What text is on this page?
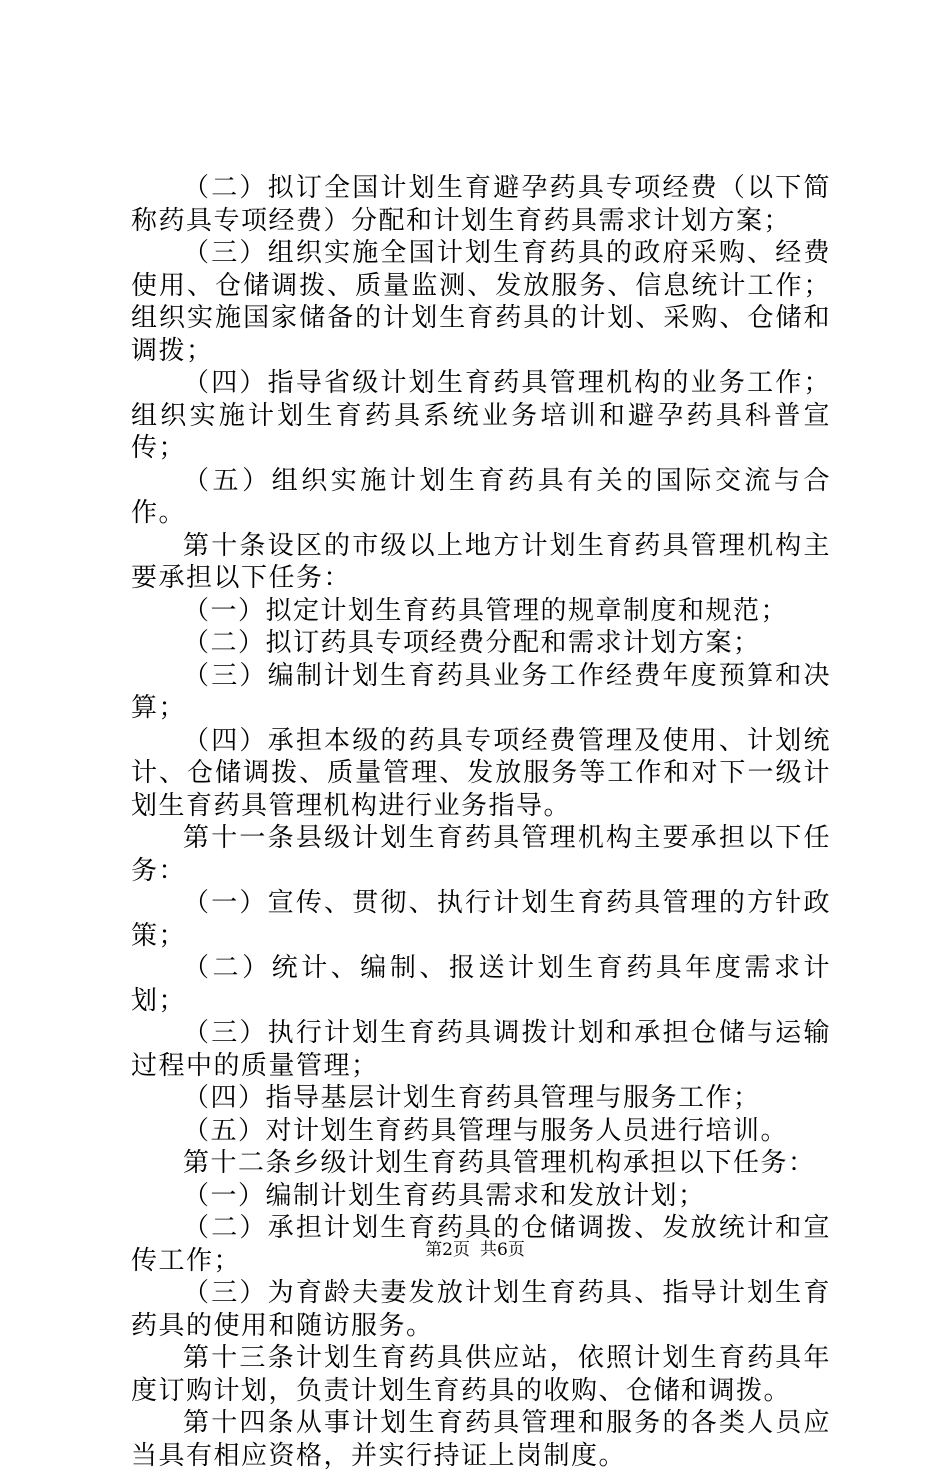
（二）拟订全国计划生育避孕药具专项经费（以下简称药具专项经费）分配和计划生育药具需求计划方案；

（三）组织实施全国计划生育药具的政府采购、经费使用、仓储调拨、质量监测、发放服务、信息统计工作；组织实施国家储备的计划生育药具的计划、采购、仓储和调拨；

（四）指导省级计划生育药具管理机构的业务工作；组织实施计划生育药具系统业务培训和避孕药具科普宣传；

（五）组织实施计划生育药具有关的国际交流与合作。

第十条设区的市级以上地方计划生育药具管理机构主要承担以下任务：

（一）拟定计划生育药具管理的规章制度和规范；

（二）拟订药具专项经费分配和需求计划方案；

（三）编制计划生育药具业务工作经费年度预算和决算；

（四）承担本级的药具专项经费管理及使用、计划统计、仓储调拨、质量管理、发放服务等工作和对下一级计划生育药具管理机构进行业务指导。

第十一条县级计划生育药具管理机构主要承担以下任务：

（一）宣传、贯彻、执行计划生育药具管理的方针政策；

（二）统计、编制、报送计划生育药具年度需求计划；

（三）执行计划生育药具调拨计划和承担仓储与运输过程中的质量管理；

（四）指导基层计划生育药具管理与服务工作；

（五）对计划生育药具管理与服务人员进行培训。

第十二条乡级计划生育药具管理机构承担以下任务：

（一）编制计划生育药具需求和发放计划；

（二）承担计划生育药具的仓储调拨、发放统计和宣传工作；

（三）为育龄夫妻发放计划生育药具、指导计划生育药具的使用和随访服务。

第十三条计划生育药具供应站，依照计划生育药具年度订购计划，负责计划生育药具的收购、仓储和调拨。

第十四条从事计划生育药具管理和服务的各类人员应当具有相应资格，并实行持证上岗制度。

第2页 共6页
